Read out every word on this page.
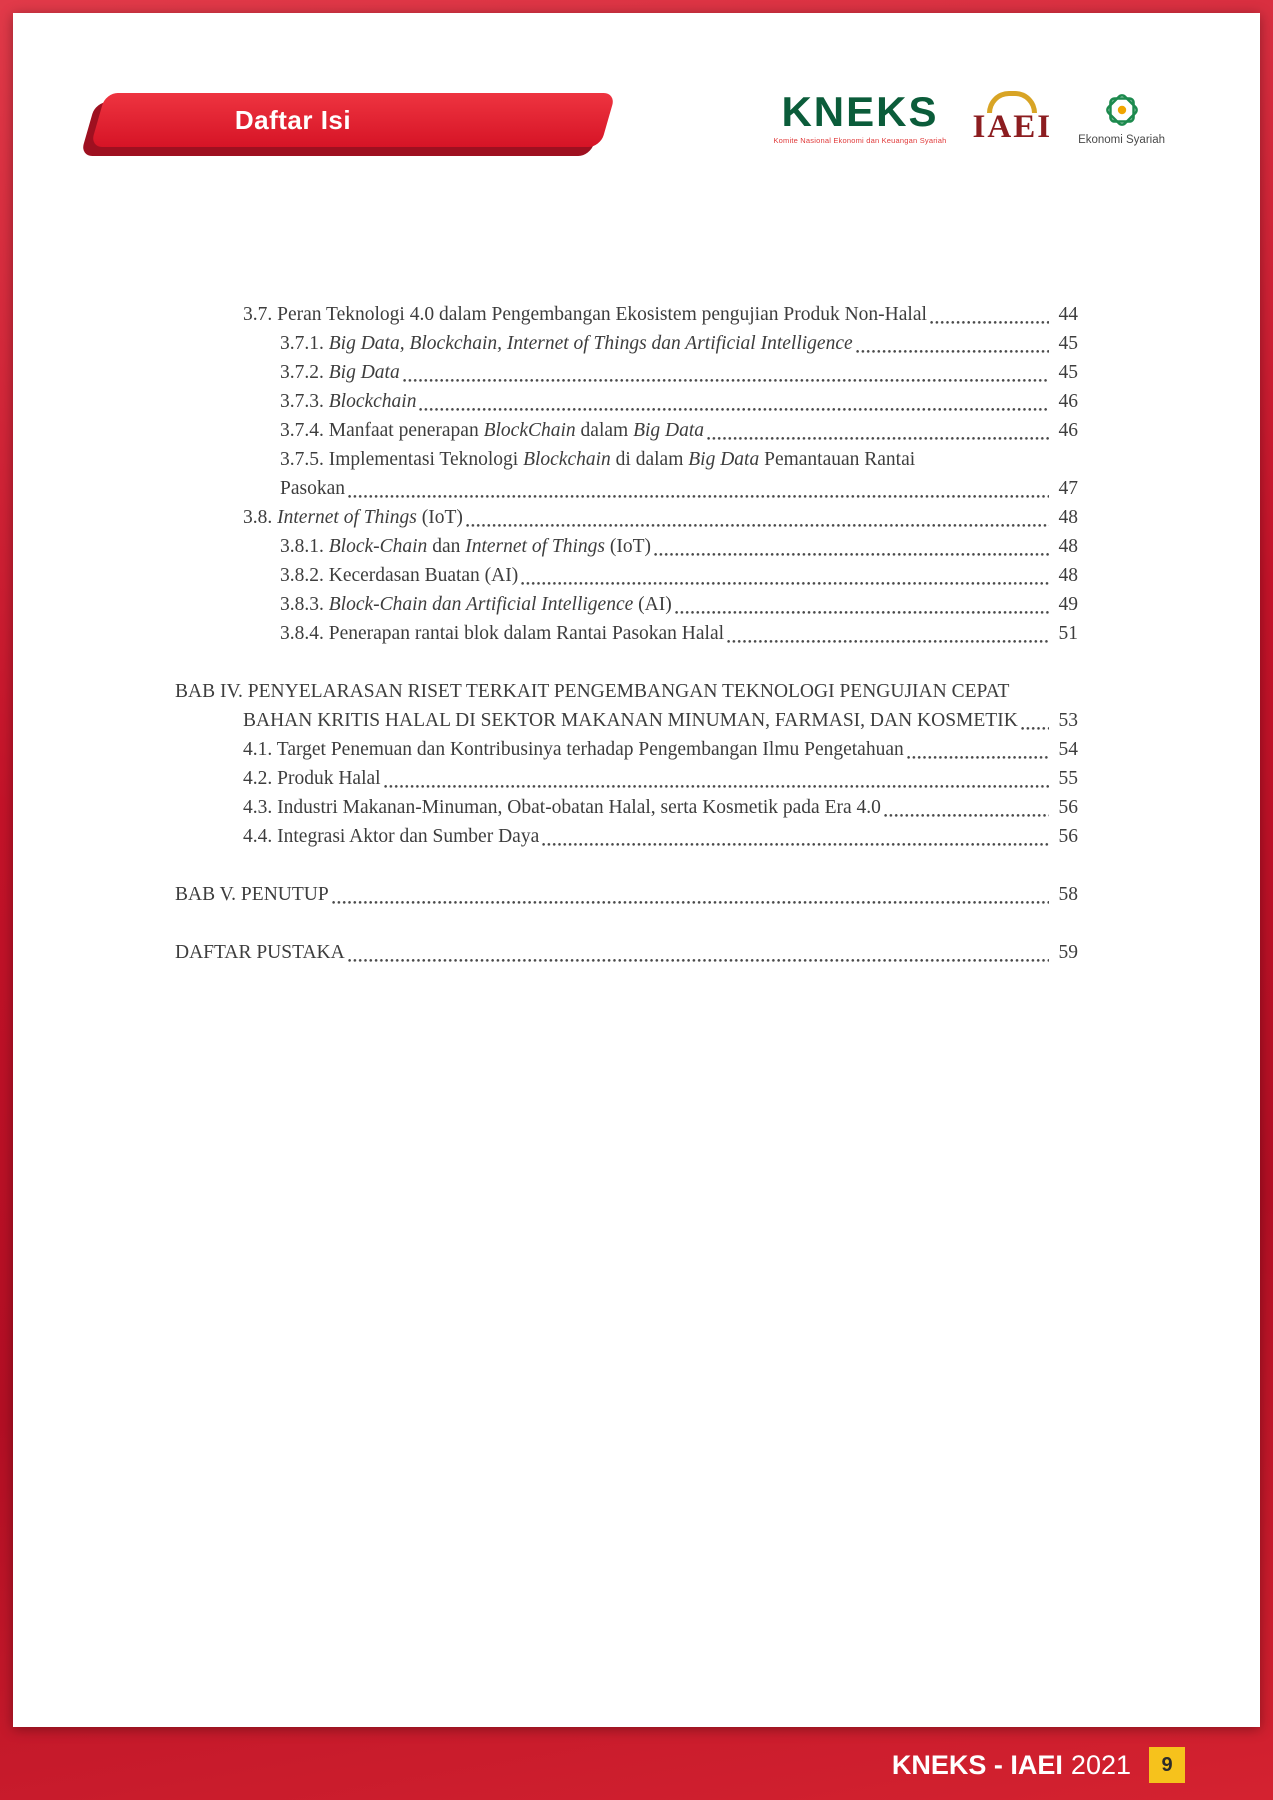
Daftar Isi	KNEKS
Komite Nasional Ekonomi dan Keuangan Syariah IAEI Ekonomi Syariah
3.7. Peran Teknologi 4.0 dalam Pengembangan Ekosistem pengujian Produk Non-Halal	44
3.7.1. Big Data, Blockchain, Internet of Things dan Artificial Intelligence	45
3.7.2. Big Data	45
3.7.3. Blockchain	46
3.7.4. Manfaat penerapan BlockChain dalam Big Data	46
3.7.5. Implementasi Teknologi Blockchain di dalam Big Data Pemantauan Rantai
Pasokan	47
3.8. Internet of Things (IoT)	48
3.8.1. Block-Chain dan Internet of Things (IoT)	48
3.8.2. Kecerdasan Buatan (AI)	48
3.8.3. Block-Chain dan Artificial Intelligence (AI)	49
3.8.4. Penerapan rantai blok dalam Rantai Pasokan Halal	51
BAB IV. PENYELARASAN RISET TERKAIT PENGEMBANGAN TEKNOLOGI PENGUJIAN CEPAT
BAHAN KRITIS HALAL DI SEKTOR MAKANAN MINUMAN, FARMASI, DAN KOSMETIK	53
4.1. Target Penemuan dan Kontribusinya terhadap Pengembangan Ilmu Pengetahuan	54
4.2. Produk Halal	55
4.3. Industri Makanan-Minuman, Obat-obatan Halal, serta Kosmetik pada Era 4.0	56
4.4. Integrasi Aktor dan Sumber Daya	56
BAB V. PENUTUP	58
DAFTAR PUSTAKA	59
KNEKS - IAEI 2021	9
